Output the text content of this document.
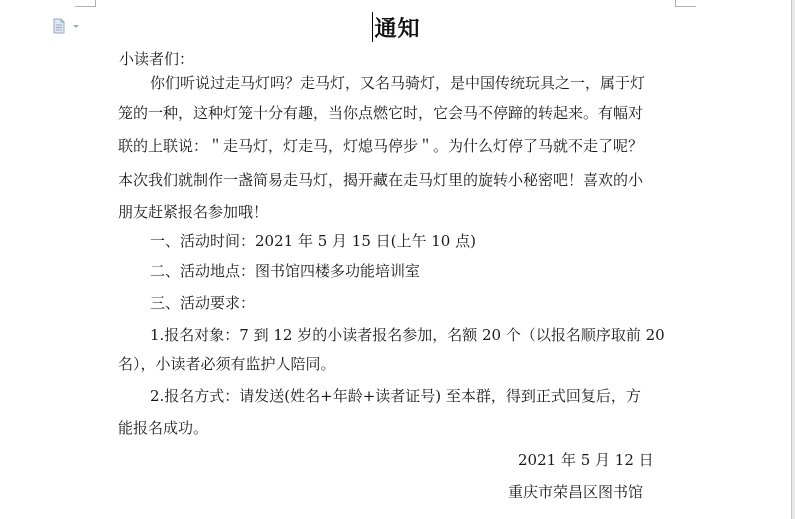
通知
小读者们：
你们听说过走马灯吗？走马灯，又名马骑灯，是中国传统玩具之一，属于灯
笼的一种，这种灯笼十分有趣，当你点燃它时，它会马不停蹄的转起来。有幅对
联的上联说：＂走马灯，灯走马，灯熄马停步＂。为什么灯停了马就不走了呢？
本次我们就制作一盏简易走马灯，揭开藏在走马灯里的旋转小秘密吧！喜欢的小
朋友赶紧报名参加哦！
一、活动时间：2021 年 5 月 15 日(上午 10 点)
二、活动地点：图书馆四楼多功能培训室
三、活动要求：
1.报名对象：7 到 12 岁的小读者报名参加，名额 20 个（以报名顺序取前 20
名），小读者必须有监护人陪同。
2.报名方式：请发送(姓名+年龄+读者证号) 至本群，得到正式回复后，方
能报名成功。
2021 年 5 月 12 日
重庆市荣昌区图书馆
